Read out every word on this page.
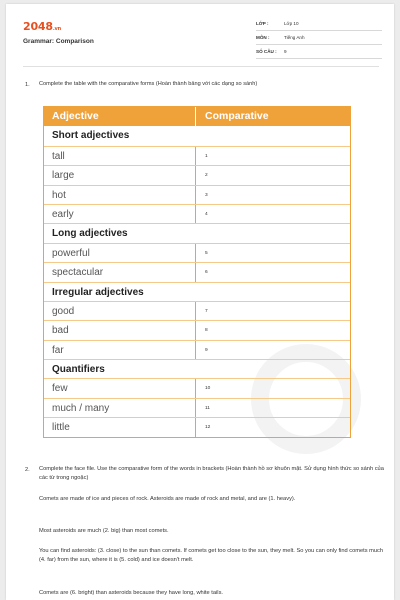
2048.vn
Grammar: Comparison
LỚP :	Lớp 10
MÔN :	Tiếng Anh
SỐ CÂU : 9
1. Complete the table with the comparative forms (Hoàn thành bảng với các dạng so sánh)
Adjective	Comparative
Short adjectives
tall	1
large	2
hot	3
early	4
Long adjectives
powerful	5
spectacular	6
Irregular adjectives
good	7
bad	8
far	9
Quantifiers
few	10
much / many	11
little	12
2. Complete the face file. Use the comparative form of the words in brackets (Hoàn thành hồ sơ khuôn mặt. Sử dụng hình thức so sánh của các từ trong ngoặc)
Comets are made of ice and pieces of rock. Asteroids are made of rock and metal, and are (1. heavy).
Most asteroids are much (2. big) than most comets.
You can find asteroids: (3. close) to the sun than comets. If comets get too close to the sun, they melt. So you can only find comets much (4. far) from the sun, where it is (5. cold) and ice doesn't melt.
Comets are (6. bright) than asteroids because they have long, white tails.
